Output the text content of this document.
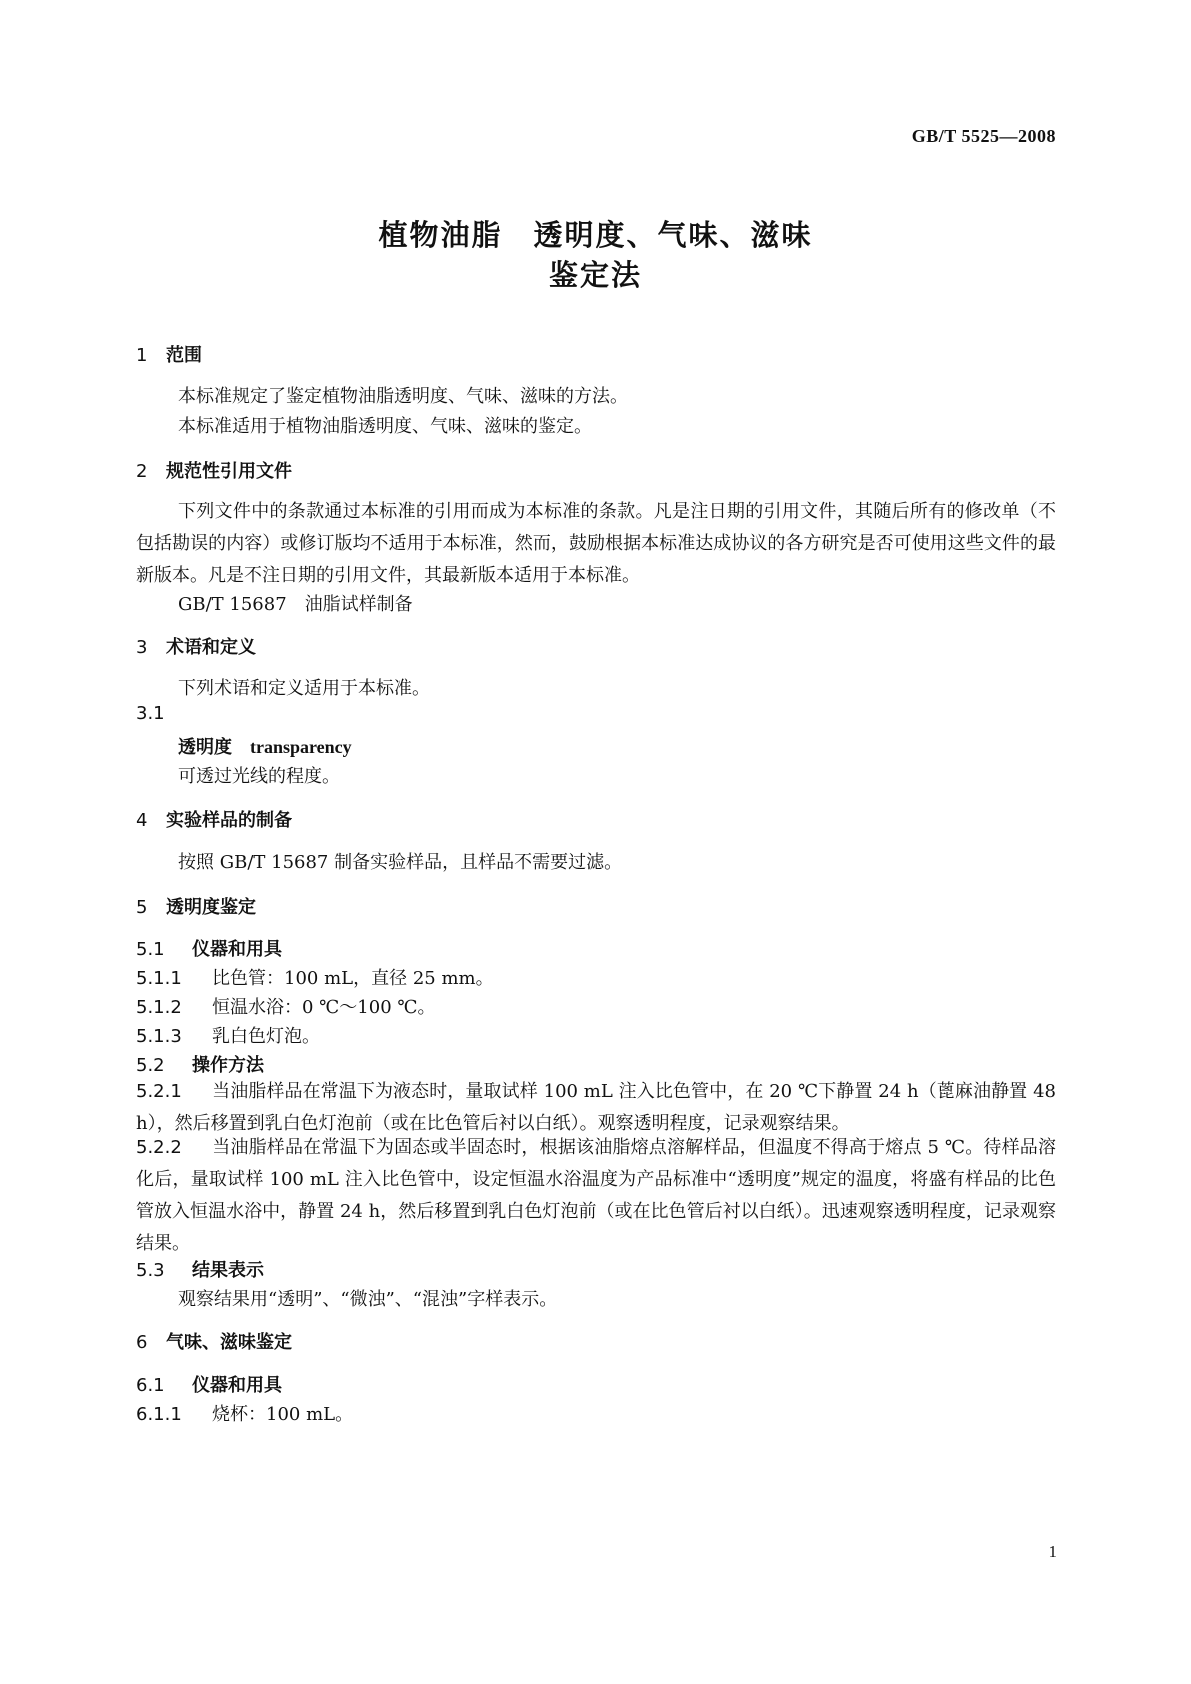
GB/T 5525—2008
植物油脂　透明度、气味、滋味
鉴定法
1 范围
本标准规定了鉴定植物油脂透明度、气味、滋味的方法。
本标准适用于植物油脂透明度、气味、滋味的鉴定。
2 规范性引用文件
下列文件中的条款通过本标准的引用而成为本标准的条款。凡是注日期的引用文件，其随后所有的修改单（不包括勘误的内容）或修订版均不适用于本标准，然而，鼓励根据本标准达成协议的各方研究是否可使用这些文件的最新版本。凡是不注日期的引用文件，其最新版本适用于本标准。
GB/T 15687　油脂试样制备
3 术语和定义
下列术语和定义适用于本标准。
3.1
透明度 transparency
可透过光线的程度。
4 实验样品的制备
按照 GB/T 15687 制备实验样品，且样品不需要过滤。
5 透明度鉴定
5.1 仪器和用具
5.1.1 比色管：100 mL，直径 25 mm。
5.1.2 恒温水浴：0 ℃～100 ℃。
5.1.3 乳白色灯泡。
5.2 操作方法
5.2.1 当油脂样品在常温下为液态时，量取试样 100 mL 注入比色管中，在 20 ℃下静置 24 h（蓖麻油静置 48 h），然后移置到乳白色灯泡前（或在比色管后衬以白纸）。观察透明程度，记录观察结果。
5.2.2 当油脂样品在常温下为固态或半固态时，根据该油脂熔点溶解样品，但温度不得高于熔点 5 ℃。待样品溶化后，量取试样 100 mL 注入比色管中，设定恒温水浴温度为产品标准中“透明度”规定的温度，将盛有样品的比色管放入恒温水浴中，静置 24 h，然后移置到乳白色灯泡前（或在比色管后衬以白纸）。迅速观察透明程度，记录观察结果。
5.3 结果表示
观察结果用“透明”、“微浊”、“混浊”字样表示。
6 气味、滋味鉴定
6.1 仪器和用具
6.1.1 烧杯：100 mL。
1
